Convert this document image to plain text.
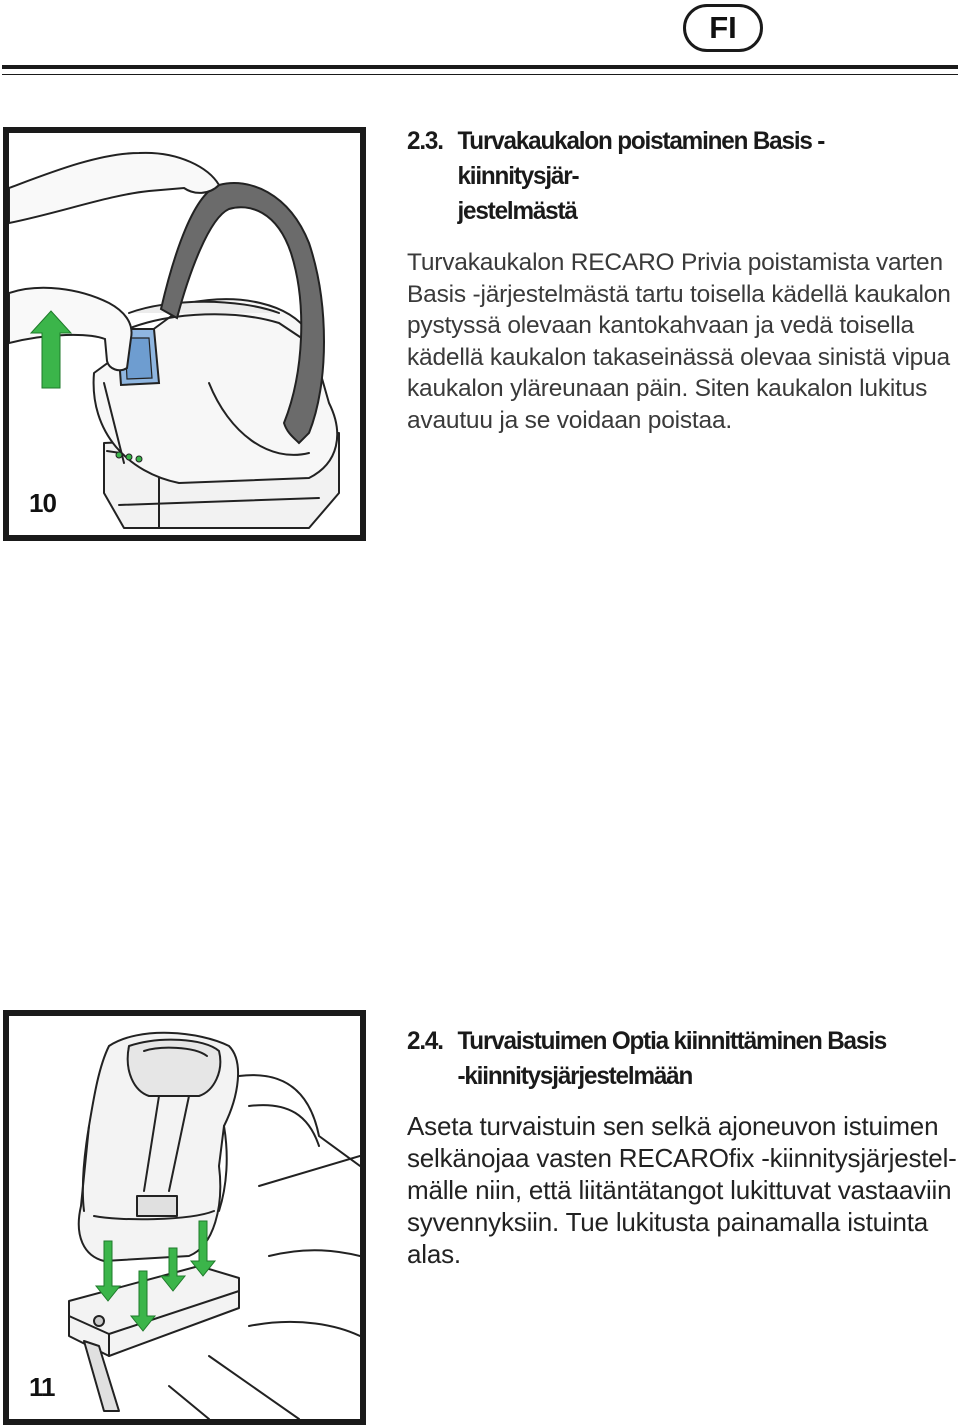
FI
10
2.3. Turvakaukalon poistaminen Basis -kiinnitysjär-
jestelmästä
Turvakaukalon RECARO Privia poistamista varten Basis -järjestelmästä tartu toisella kädellä kaukalon pystyssä olevaan kantokahvaan ja vedä toisella kädellä kaukalon takaseinässä olevaa sinistä vipua kaukalon yläreunaan päin. Siten kaukalon lukitus avautuu ja se voidaan poistaa.
11
2.4. Turvaistuimen Optia kiinnittäminen Basis
-kiinnitysjärjestelmään
Aseta turvaistuin sen selkä ajoneuvon istuimen selkänojaa vasten RECAROfix -kiinnitysjärjestel-mälle niin, että liitäntätangot lukittuvat vastaaviin syvennyksiin. Tue lukitusta painamalla istuinta alas.
